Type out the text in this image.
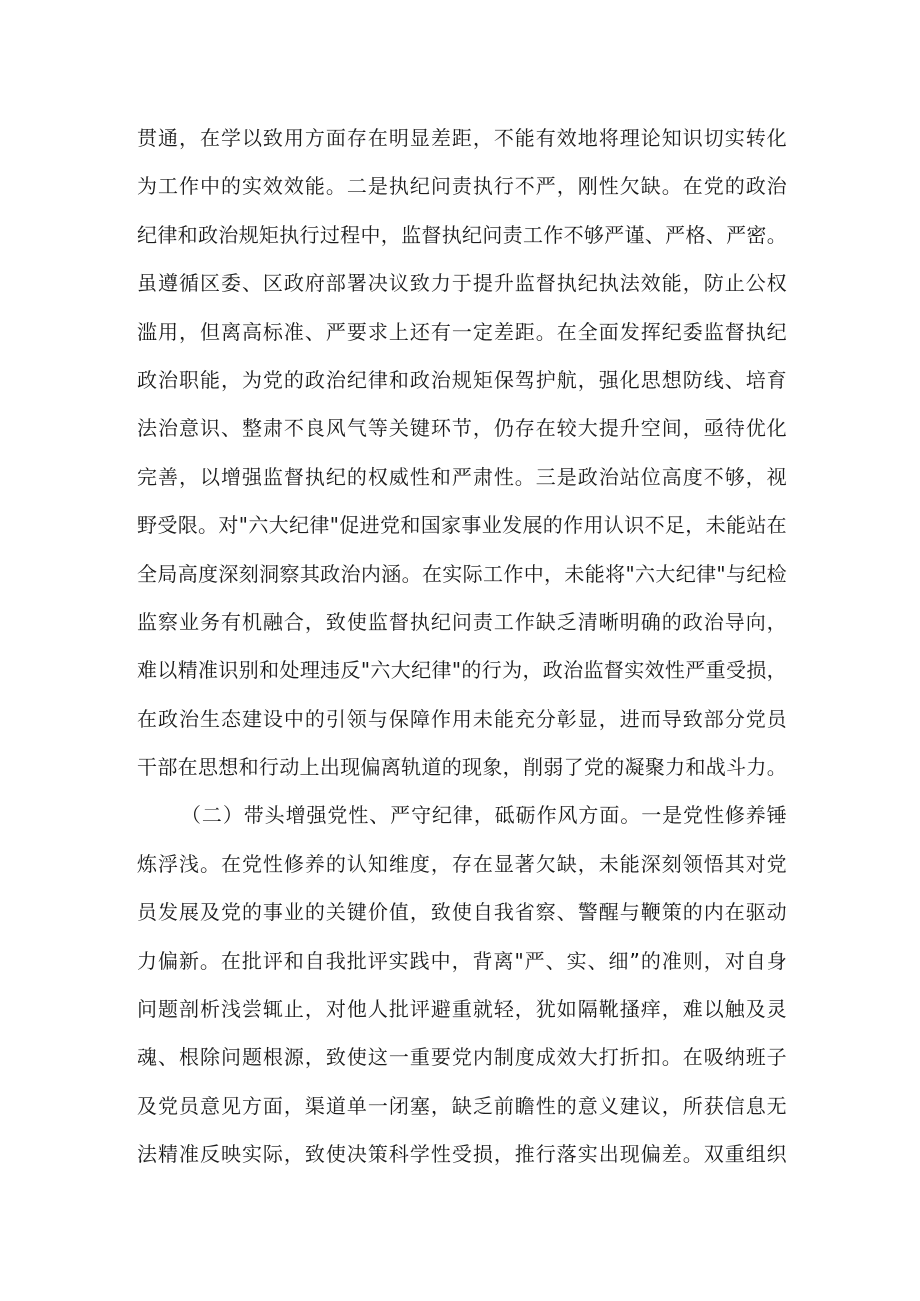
贯通，在学以致用方面存在明显差距，不能有效地将理论知识切实转化
为工作中的实效效能。二是执纪问责执行不严，刚性欠缺。在党的政治
纪律和政治规矩执行过程中，监督执纪问责工作不够严谨、严格、严密。
虽遵循区委、区政府部署决议致力于提升监督执纪执法效能，防止公权
滥用，但离高标准、严要求上还有一定差距。在全面发挥纪委监督执纪
政治职能，为党的政治纪律和政治规矩保驾护航，强化思想防线、培育
法治意识、整肃不良风气等关键环节，仍存在较大提升空间，亟待优化
完善，以增强监督执纪的权威性和严肃性。三是政治站位高度不够，视
野受限。对"六大纪律"促进党和国家事业发展的作用认识不足，未能站在
全局高度深刻洞察其政治内涵。在实际工作中，未能将"六大纪律"与纪检
监察业务有机融合，致使监督执纪问责工作缺乏清晰明确的政治导向，
难以精准识别和处理违反"六大纪律"的行为，政治监督实效性严重受损，
在政治生态建设中的引领与保障作用未能充分彰显，进而导致部分党员
干部在思想和行动上出现偏离轨道的现象，削弱了党的凝聚力和战斗力。
（二）带头增强党性、严守纪律，砥砺作风方面。一是党性修养锤
炼浮浅。在党性修养的认知维度，存在显著欠缺，未能深刻领悟其对党
员发展及党的事业的关键价值，致使自我省察、警醒与鞭策的内在驱动
力偏新。在批评和自我批评实践中，背离"严、实、细”的准则，对自身
问题剖析浅尝辄止，对他人批评避重就轻，犹如隔靴搔痒，难以触及灵
魂、根除问题根源，致使这一重要党内制度成效大打折扣。在吸纳班子
及党员意见方面，渠道单一闭塞，缺乏前瞻性的意义建议，所获信息无
法精准反映实际，致使决策科学性受损，推行落实出现偏差。双重组织
